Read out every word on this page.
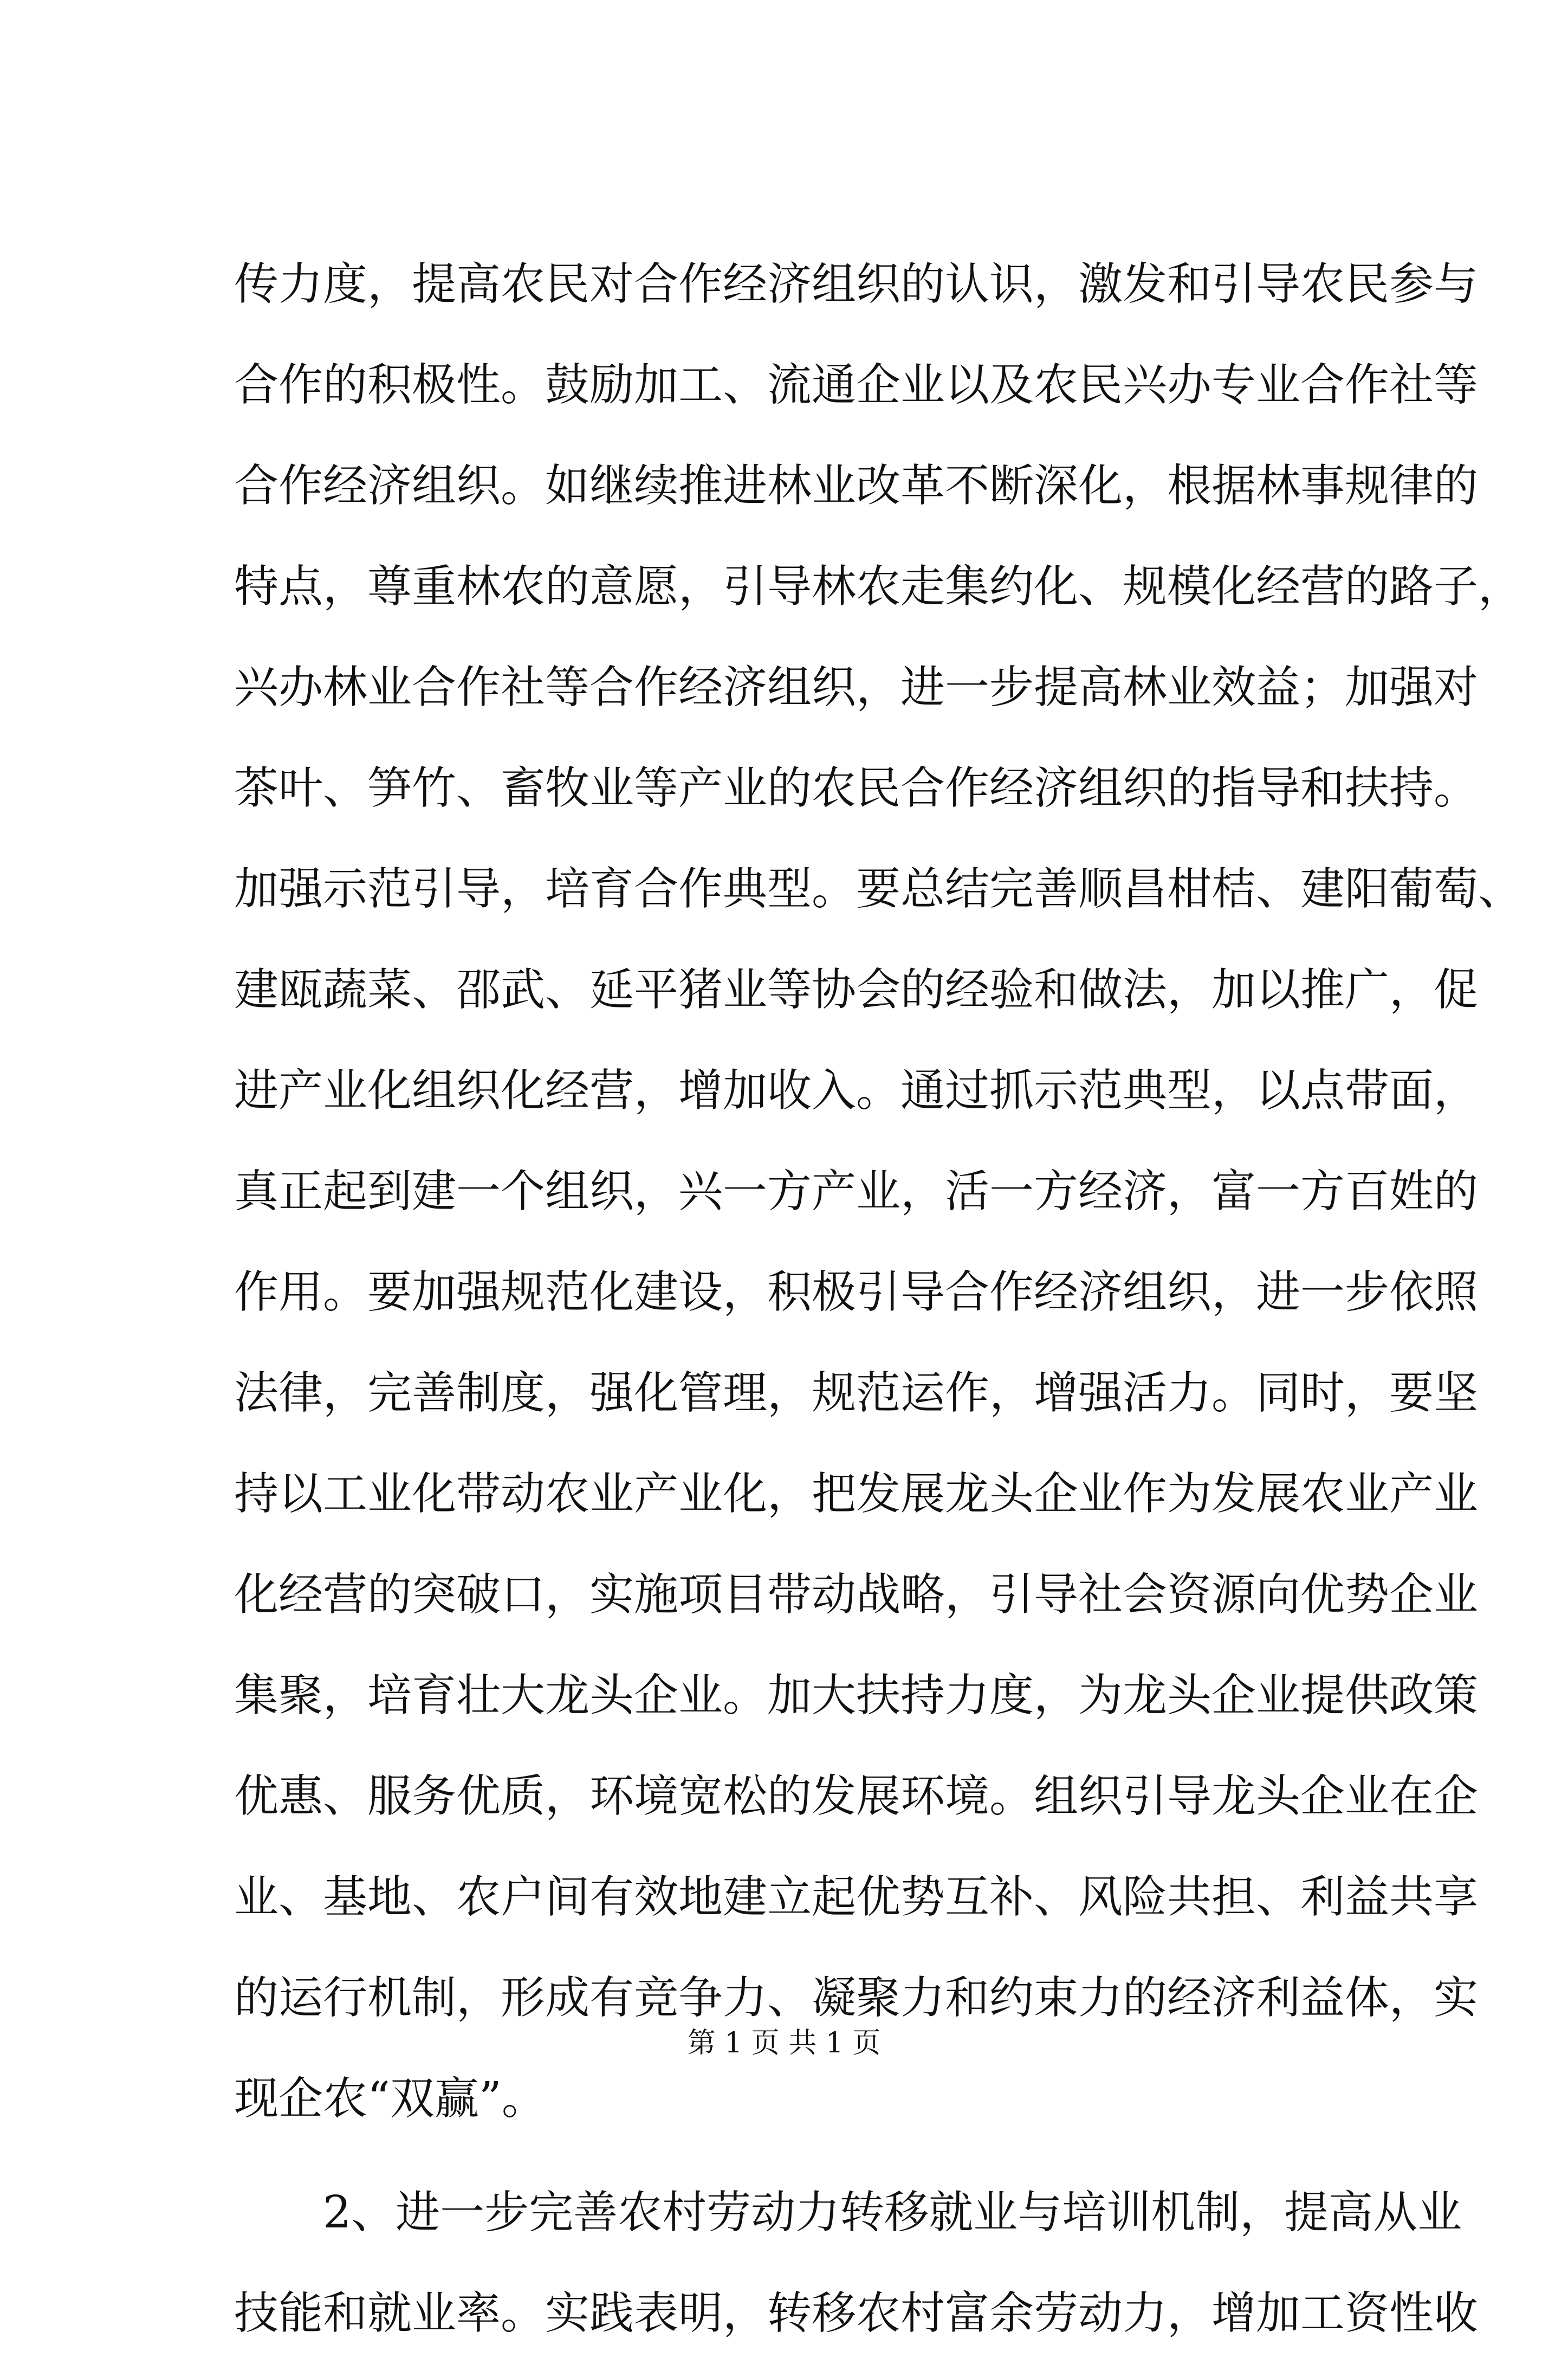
传力度，提高农民对合作经济组织的认识，激发和引导农民参与
合作的积极性。鼓励加工、流通企业以及农民兴办专业合作社等
合作经济组织。如继续推进林业改革不断深化，根据林事规律的
特点，尊重林农的意愿，引导林农走集约化、规模化经营的路子，
兴办林业合作社等合作经济组织，进一步提高林业效益；加强对
茶叶、笋竹、畜牧业等产业的农民合作经济组织的指导和扶持。
加强示范引导，培育合作典型。要总结完善顺昌柑桔、建阳葡萄、
建瓯蔬菜、邵武、延平猪业等协会的经验和做法，加以推广，促
进产业化组织化经营，增加收入。通过抓示范典型，以点带面，
真正起到建一个组织，兴一方产业，活一方经济，富一方百姓的
作用。要加强规范化建设，积极引导合作经济组织，进一步依照
法律，完善制度，强化管理，规范运作，增强活力。同时，要坚
持以工业化带动农业产业化，把发展龙头企业作为发展农业产业
化经营的突破口，实施项目带动战略，引导社会资源向优势企业
集聚，培育壮大龙头企业。加大扶持力度，为龙头企业提供政策
优惠、服务优质，环境宽松的发展环境。组织引导龙头企业在企
业、基地、农户间有效地建立起优势互补、风险共担、利益共享
的运行机制，形成有竞争力、凝聚力和约束力的经济利益体，实
现企农“双赢”。
2、进一步完善农村劳动力转移就业与培训机制，提高从业
技能和就业率。实践表明，转移农村富余劳动力，增加工资性收
第 1 页 共 1 页
